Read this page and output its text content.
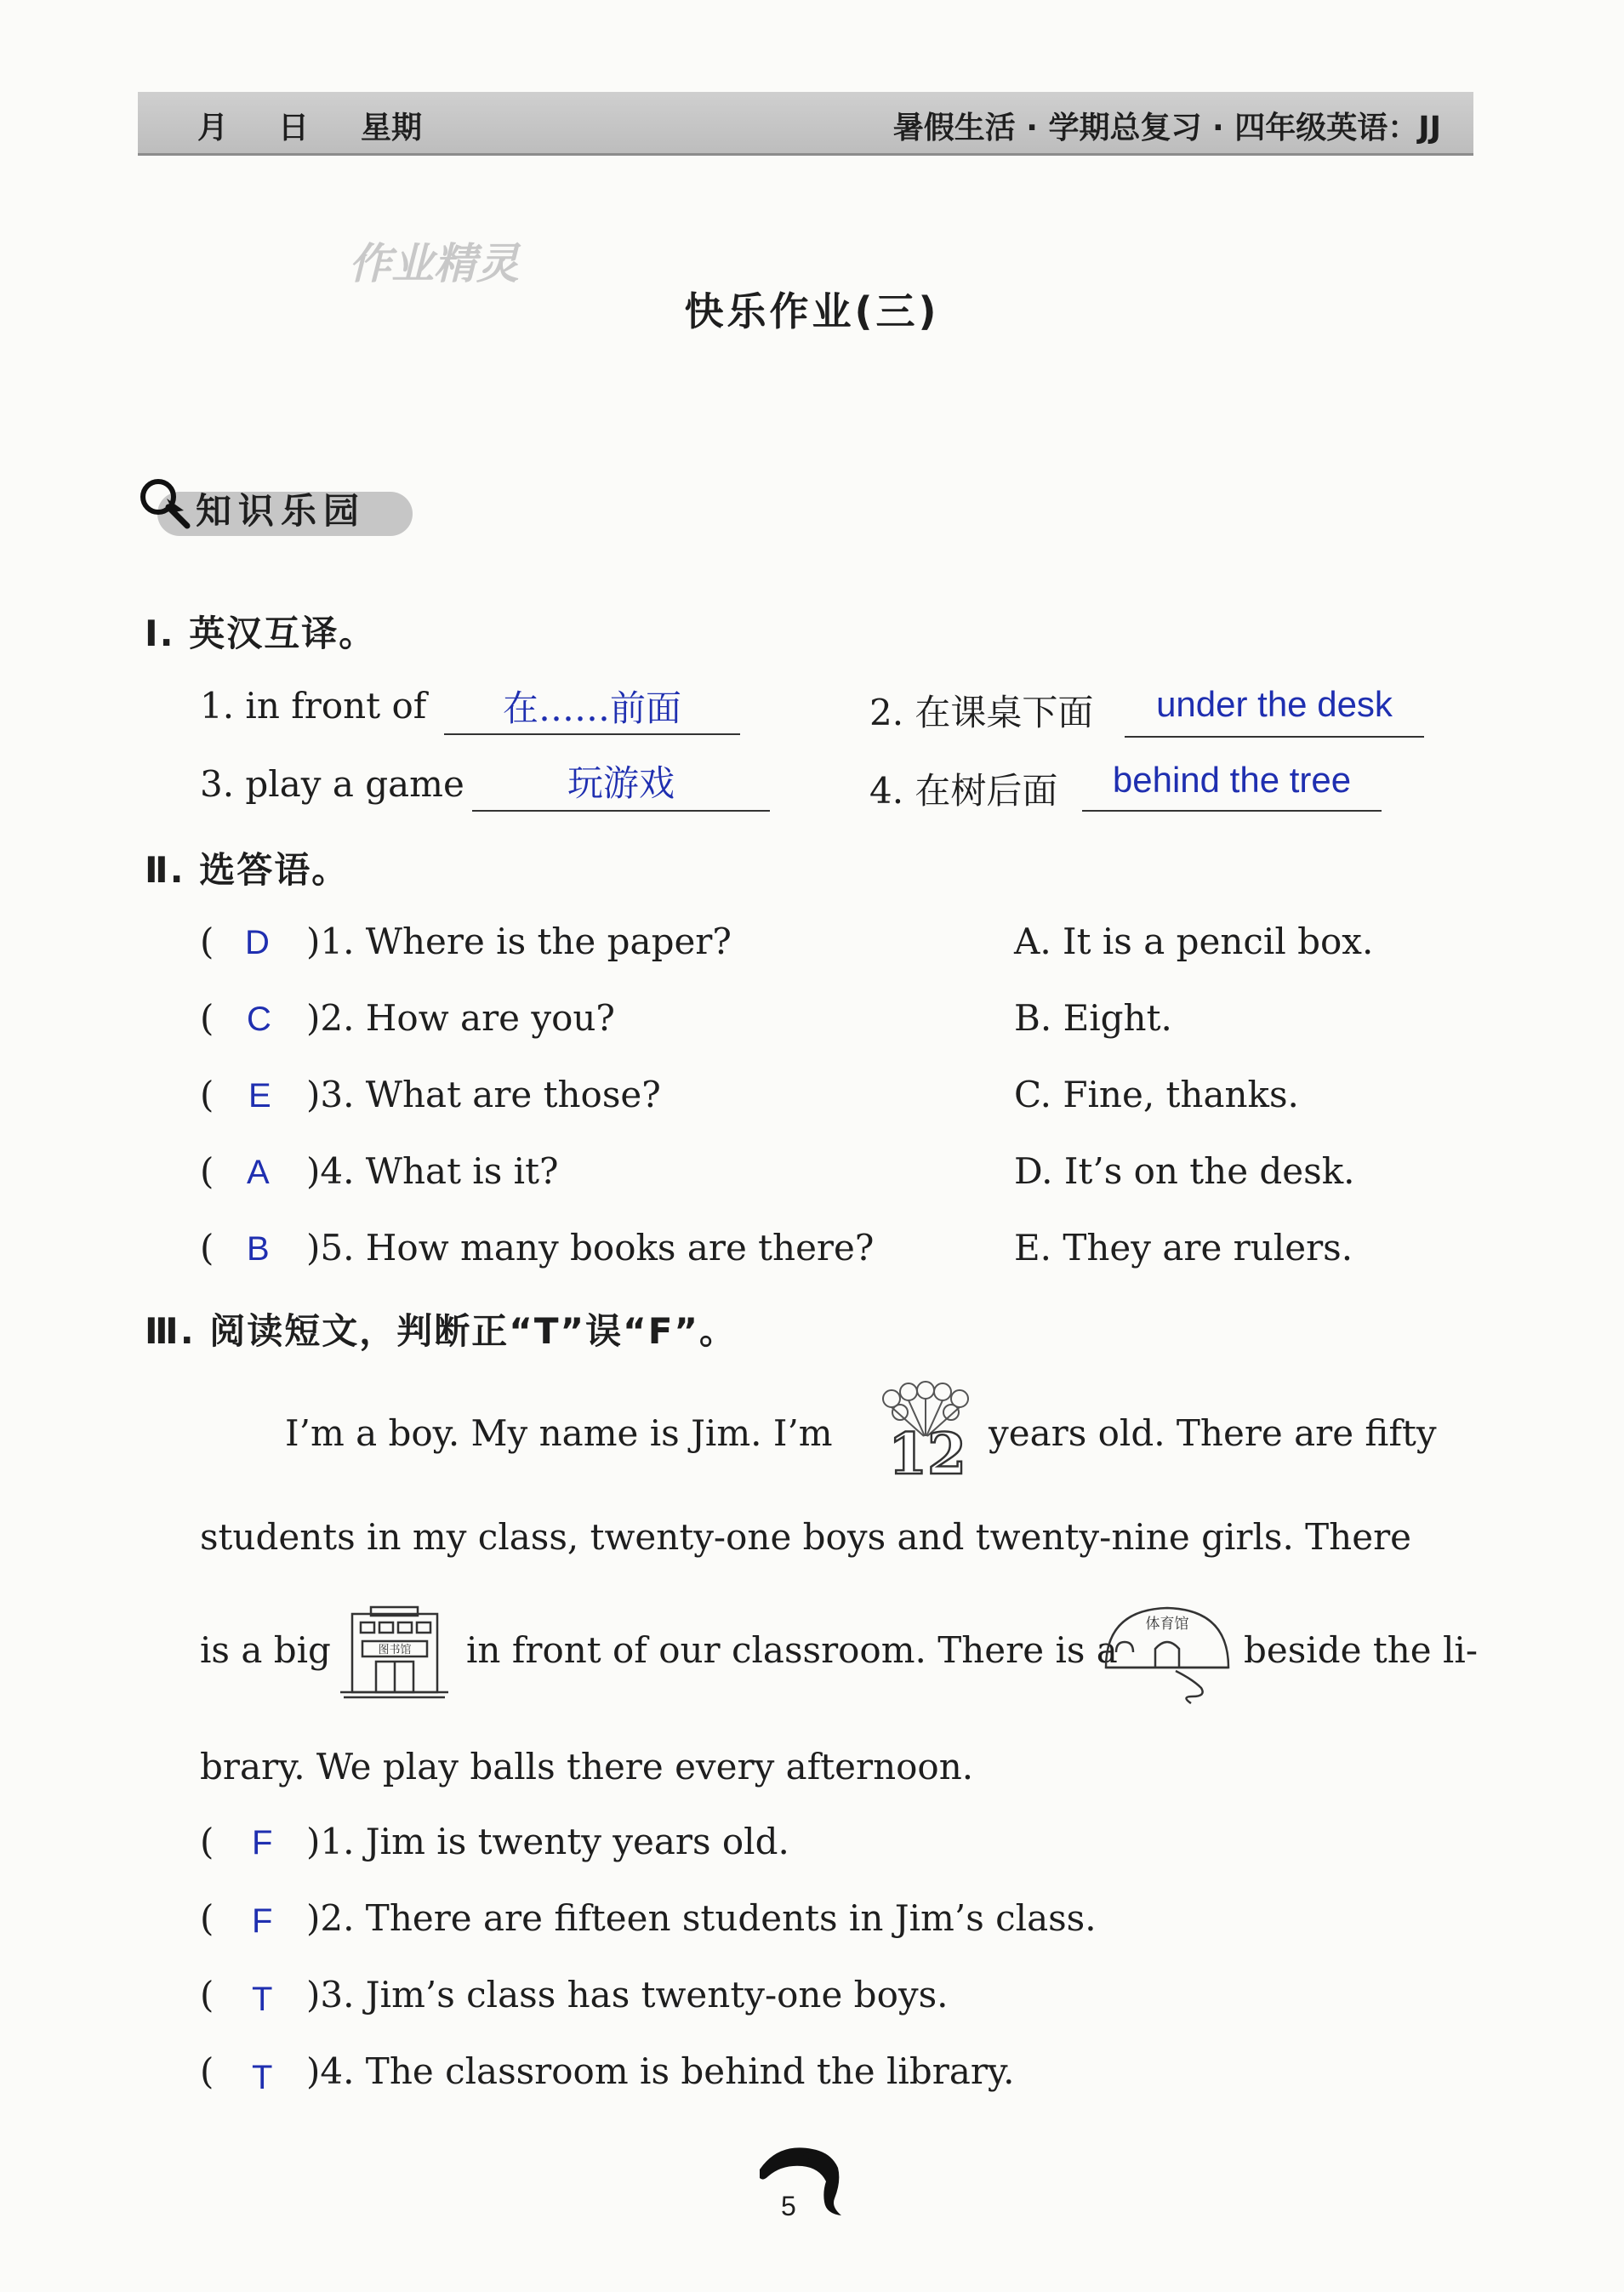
月 日 星期	暑假生活 · 学期总复习 · 四年级英语：JJ
作业精灵
快乐作业(三)
知识乐园
Ⅰ. 英汉互译。
1. in front of	在……前面	2. 在课桌下面	under the desk
3. play a game	玩游戏	4. 在树后面	behind the tree
Ⅱ. 选答语。
( D )1. Where is the paper?	A. It is a pencil box.
( C )2. How are you?	B. Eight.
( E )3. What are those?	C. Fine, thanks.
( A )4. What is it?	D. It’s on the desk.
( B )5. How many books are there?	E. They are rulers.
Ⅲ. 阅读短文，判断正“T”误“F”。
I’m a boy. My name is Jim. I’m 12 years old. There are fifty
students in my class, twenty-one boys and twenty-nine girls. There
is a big	图书馆 in front of our classroom. There is a
体育馆
beside the li-
brary. We play balls there every afternoon.
( F )1. Jim is twenty years old.
( F )2. There are fifteen students in Jim’s class.
( T )3. Jim’s class has twenty-one boys.
( T )4. The classroom is behind the library.
5
